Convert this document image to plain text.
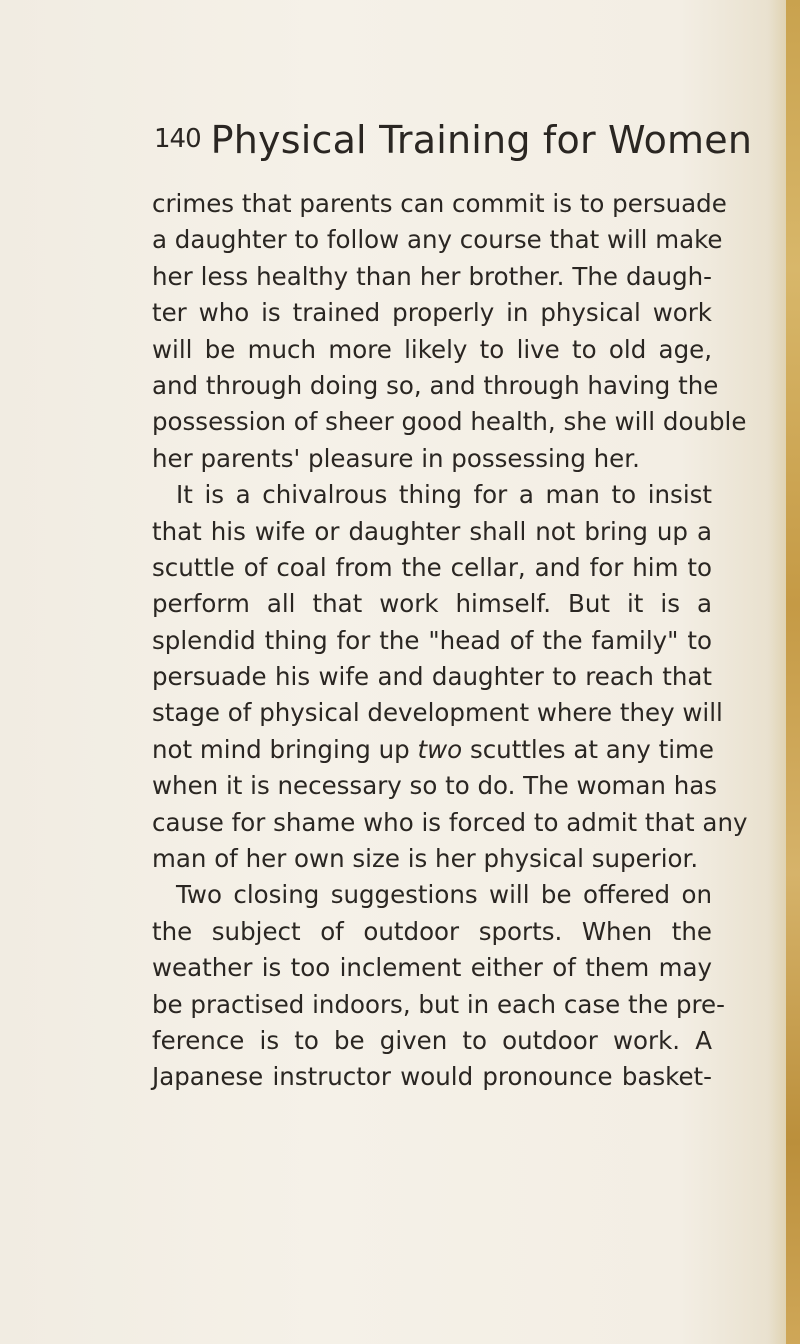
140 Physical Training for Women
crimes that parents can commit is to persuade
a daughter to follow any course that will make
her less healthy than her brother. The daugh-
ter who is trained properly in physical work
will be much more likely to live to old age,
and through doing so, and through having the
possession of sheer good health, she will double
her parents' pleasure in possessing her.
It is a chivalrous thing for a man to insist
that his wife or daughter shall not bring up a
scuttle of coal from the cellar, and for him to
perform all that work himself. But it is a
splendid thing for the "head of the family" to
persuade his wife and daughter to reach that
stage of physical development where they will
not mind bringing up two scuttles at any time
when it is necessary so to do. The woman has
cause for shame who is forced to admit that any
man of her own size is her physical superior.
Two closing suggestions will be offered on
the subject of outdoor sports. When the
weather is too inclement either of them may
be practised indoors, but in each case the pre-
ference is to be given to outdoor work. A
Japanese instructor would pronounce basket-
